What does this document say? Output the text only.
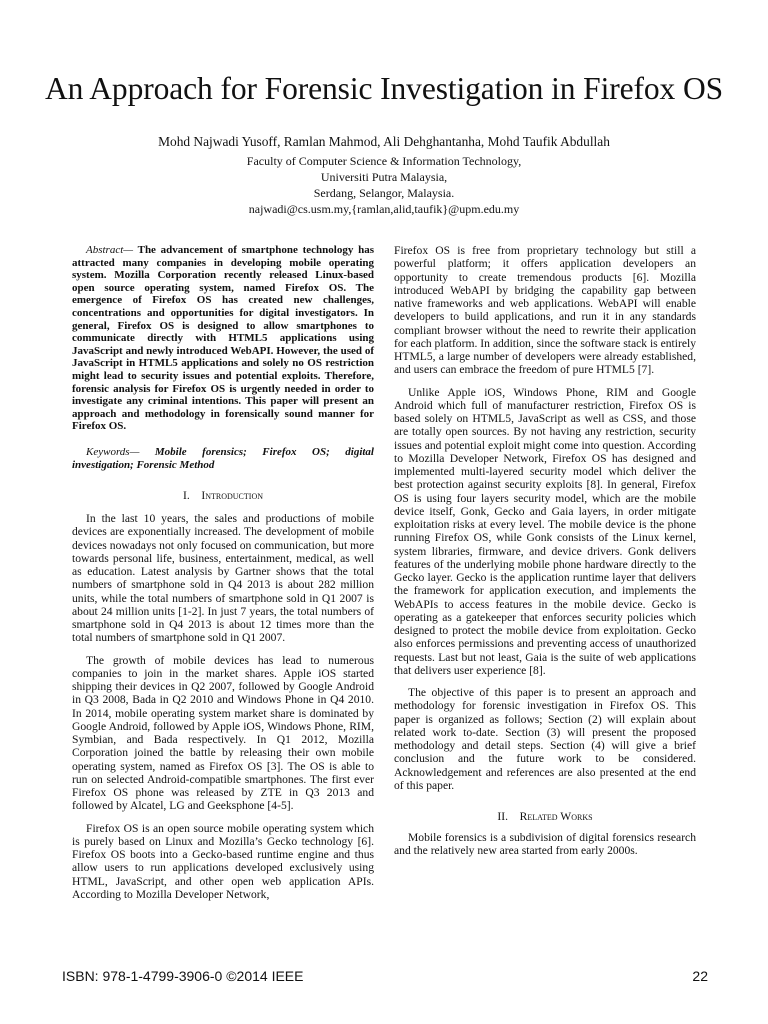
An Approach for Forensic Investigation in Firefox OS
Mohd Najwadi Yusoff, Ramlan Mahmod, Ali Dehghantanha, Mohd Taufik Abdullah
Faculty of Computer Science & Information Technology,
Universiti Putra Malaysia,
Serdang, Selangor, Malaysia.
najwadi@cs.usm.my,{ramlan,alid,taufik}@upm.edu.my

Abstract— The advancement of smartphone technology has attracted many companies in developing mobile operating system. Mozilla Corporation recently released Linux-based open source operating system, named Firefox OS. The emergence of Firefox OS has created new challenges, concentrations and opportunities for digital investigators. In general, Firefox OS is designed to allow smartphones to communicate directly with HTML5 applications using JavaScript and newly introduced WebAPI. However, the used of JavaScript in HTML5 applications and solely no OS restriction might lead to security issues and potential exploits. Therefore, forensic analysis for Firefox OS is urgently needed in order to investigate any criminal intentions. This paper will present an approach and methodology in forensically sound manner for Firefox OS.

Keywords— Mobile forensics; Firefox OS; digital investigation; Forensic Method

I. Introduction

In the last 10 years, the sales and productions of mobile devices are exponentially increased. The development of mobile devices nowadays not only focused on communication, but more towards personal life, business, entertainment, medical, as well as education. Latest analysis by Gartner shows that the total numbers of smartphone sold in Q4 2013 is about 282 million units, while the total numbers of smartphone sold in Q1 2007 is about 24 million units [1-2]. In just 7 years, the total numbers of smartphone sold in Q4 2013 is about 12 times more than the total numbers of smartphone sold in Q1 2007.

The growth of mobile devices has lead to numerous companies to join in the market shares. Apple iOS started shipping their devices in Q2 2007, followed by Google Android in Q3 2008, Bada in Q2 2010 and Windows Phone in Q4 2010. In 2014, mobile operating system market share is dominated by Google Android, followed by Apple iOS, Windows Phone, RIM, Symbian, and Bada respectively. In Q1 2012, Mozilla Corporation joined the battle by releasing their own mobile operating system, named as Firefox OS [3]. The OS is able to run on selected Android-compatible smartphones. The first ever Firefox OS phone was released by ZTE in Q3 2013 and followed by Alcatel, LG and Geeksphone [4-5].

Firefox OS is an open source mobile operating system which is purely based on Linux and Mozilla’s Gecko technology [6]. Firefox OS boots into a Gecko-based runtime engine and thus allow users to run applications developed exclusively using HTML, JavaScript, and other open web application APIs. According to Mozilla Developer Network,

Firefox OS is free from proprietary technology but still a powerful platform; it offers application developers an opportunity to create tremendous products [6]. Mozilla introduced WebAPI by bridging the capability gap between native frameworks and web applications. WebAPI will enable developers to build applications, and run it in any standards compliant browser without the need to rewrite their application for each platform. In addition, since the software stack is entirely HTML5, a large number of developers were already established, and users can embrace the freedom of pure HTML5 [7].

Unlike Apple iOS, Windows Phone, RIM and Google Android which full of manufacturer restriction, Firefox OS is based solely on HTML5, JavaScript as well as CSS, and those are totally open sources. By not having any restriction, security issues and potential exploit might come into question. According to Mozilla Developer Network, Firefox OS has designed and implemented multi-layered security model which deliver the best protection against security exploits [8]. In general, Firefox OS is using four layers security model, which are the mobile device itself, Gonk, Gecko and Gaia layers, in order mitigate exploitation risks at every level. The mobile device is the phone running Firefox OS, while Gonk consists of the Linux kernel, system libraries, firmware, and device drivers. Gonk delivers features of the underlying mobile phone hardware directly to the Gecko layer. Gecko is the application runtime layer that delivers the framework for application execution, and implements the WebAPIs to access features in the mobile device. Gecko is operating as a gatekeeper that enforces security policies which designed to protect the mobile device from exploitation. Gecko also enforces permissions and preventing access of unauthorized requests. Last but not least, Gaia is the suite of web applications that delivers user experience [8].

The objective of this paper is to present an approach and methodology for forensic investigation in Firefox OS. This paper is organized as follows; Section (2) will explain about related work to-date. Section (3) will present the proposed methodology and detail steps. Section (4) will give a brief conclusion and the future work to be considered. Acknowledgement and references are also presented at the end of this paper.

II. Related Works

Mobile forensics is a subdivision of digital forensics research and the relatively new area started from early 2000s.

ISBN: 978-1-4799-3906-0 ©2014 IEEE	22
